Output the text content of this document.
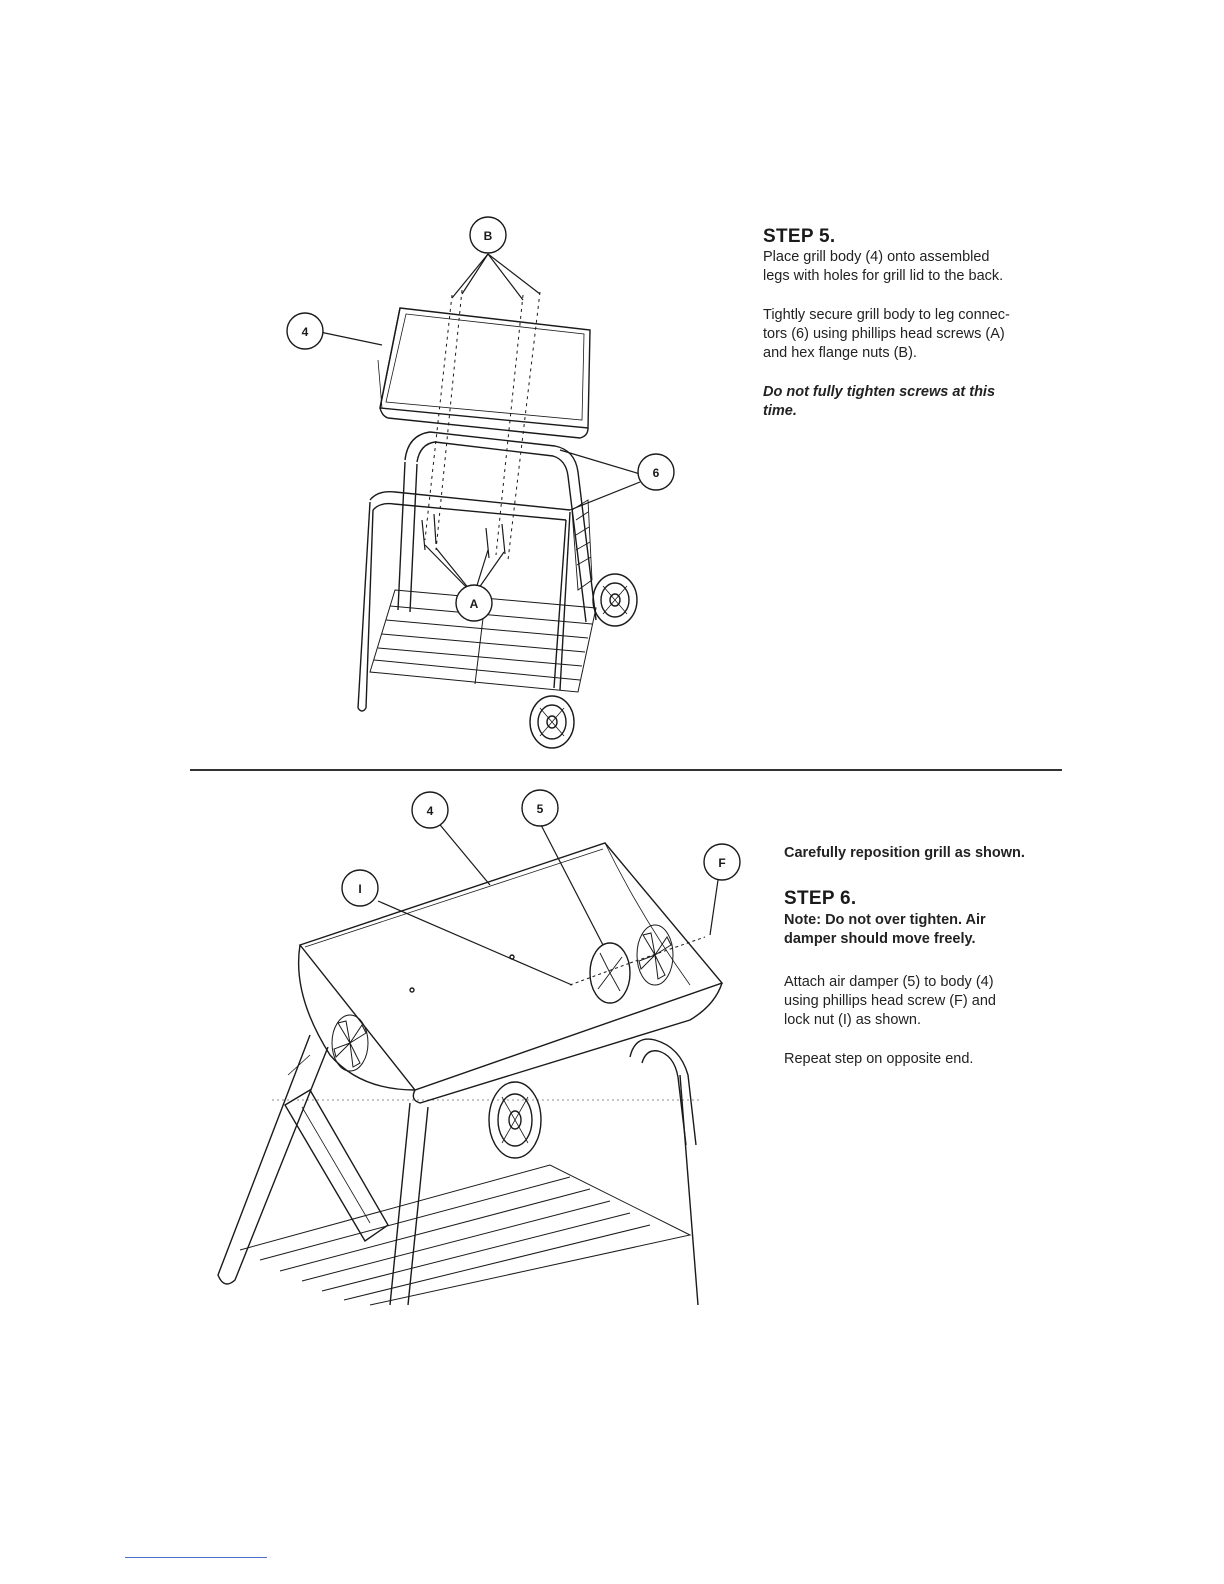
B
4
6
A
STEP 5.
Place grill body (4) onto assembled
legs with holes for grill lid to the back.
Tightly secure grill body to leg connec-
tors (6) using phillips head screws (A)
and hex flange nuts (B).
Do not fully tighten screws at this
time.
4	5
F
I
Carefully reposition grill as shown.
STEP 6.
Note: Do not over tighten. Air
damper should move freely.
Attach air damper (5) to body (4)
using phillips head screw (F) and
lock nut (I) as shown.
Repeat step on opposite end.
